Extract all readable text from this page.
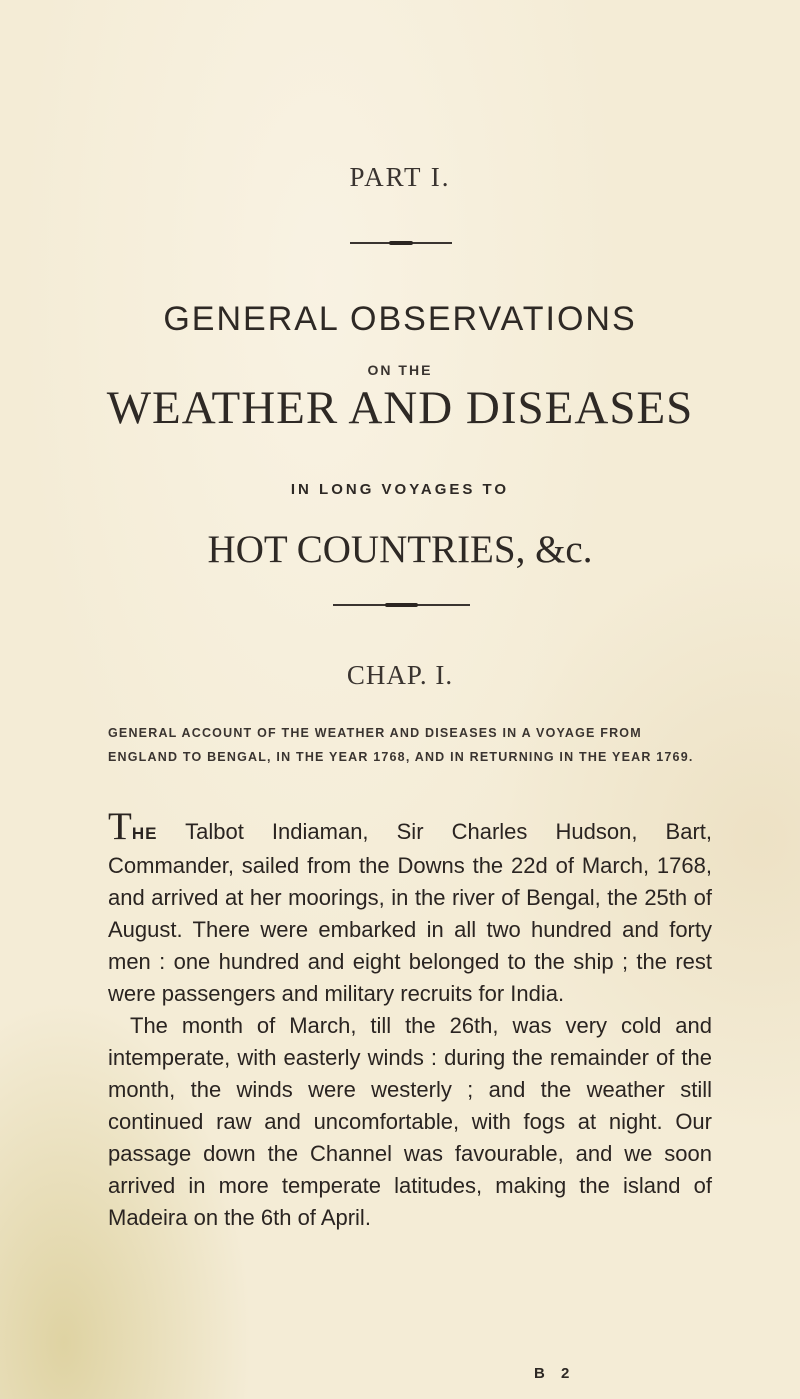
PART I.
GENERAL OBSERVATIONS
ON THE
WEATHER AND DISEASES
IN LONG VOYAGES TO
HOT COUNTRIES, &c.
CHAP. I.
GENERAL ACCOUNT OF THE WEATHER AND DISEASES IN A VOYAGE FROM ENGLAND TO BENGAL, IN THE YEAR 1768, AND IN RETURNING IN THE YEAR 1769.

THE Talbot Indiaman, Sir Charles Hudson, Bart, Commander, sailed from the Downs the 22d of March, 1768, and arrived at her moorings, in the river of Bengal, the 25th of August. There were embarked in all two hundred and forty men : one hundred and eight belonged to the ship ; the rest were passengers and military recruits for India.

The month of March, till the 26th, was very cold and intemperate, with easterly winds : during the remainder of the month, the winds were westerly ; and the weather still continued raw and uncomfortable, with fogs at night. Our passage down the Channel was favourable, and we soon arrived in more temperate latitudes, making the island of Madeira on the 6th of April.

B 2
